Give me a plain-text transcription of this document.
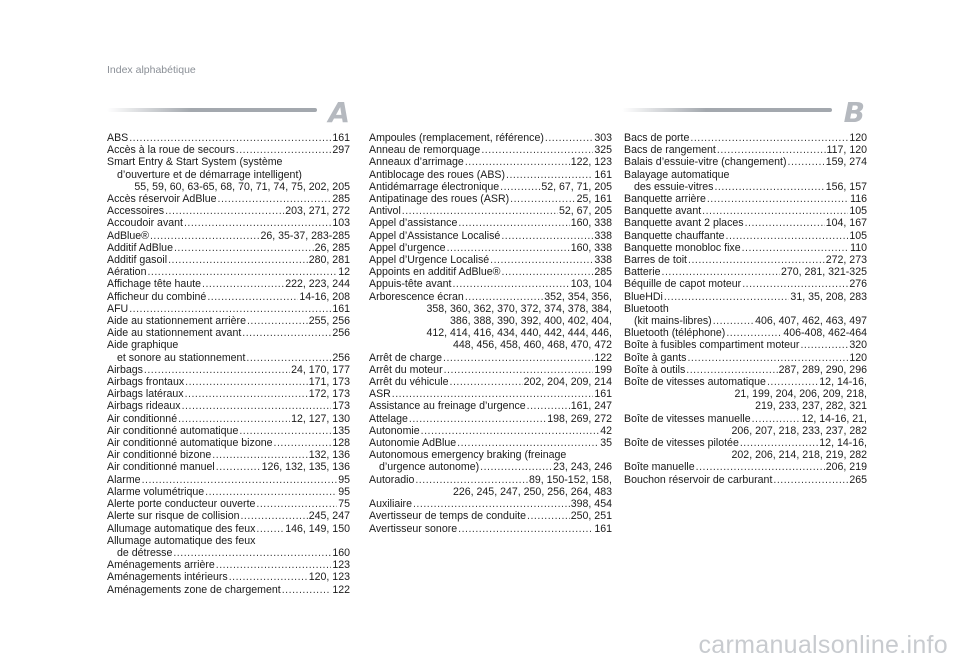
Index alphabétique
A	B
ABS .....	161
Accès à la roue de secours .....	297
Smart Entry & Start System (système
d’ouverture et de démarrage intelligent)
55, 59, 60, 63-65, 68, 70, 71, 74, 75, 202, 205
Accès réservoir AdBlue .....	285
Accessoires .....	203, 271, 272
Accoudoir avant .....	103
AdBlue® .....	26, 35-37, 283-285
Additif AdBlue .....	26, 285
Additif gasoil .....	280, 281
Aération .....	12
Affichage tête haute .....	222, 223, 244
Afficheur du combiné .....	14-16, 208
AFU .....	161
Aide au stationnement arrière .....	255, 256
Aide au stationnement avant .....	256
Aide graphique
et sonore au stationnement .....	256
Airbags .....	24, 170, 177
Airbags frontaux .....	171, 173
Airbags latéraux .....	172, 173
Airbags rideaux .....	173
Air conditionné .....	12, 127, 130
Air conditionné automatique .....	135
Air conditionné automatique bizone .....	128
Air conditionné bizone .....	132, 136
Air conditionné manuel .....	126, 132, 135, 136
Alarme .....	95
Alarme volumétrique .....	95
Alerte porte conducteur ouverte .....	75
Alerte sur risque de collision .....	245, 247
Allumage automatique des feux .....	146, 149, 150
Allumage automatique des feux
de détresse .....	160
Aménagements arrière .....	123
Aménagements intérieurs .....	120, 123
Aménagements zone de chargement .....	122
Ampoules (remplacement, référence) .....	303
Anneau de remorquage .....	325
Anneaux d’arrimage .....	122, 123
Antiblocage des roues (ABS) .....	161
Antidémarrage électronique .....	52, 67, 71, 205
Antipatinage des roues (ASR) .....	25, 161
Antivol .....	52, 67, 205
Appel d’assistance .....	160, 338
Appel d’Assistance Localisé .....	338
Appel d’urgence .....	160, 338
Appel d’Urgence Localisé .....	338
Appoints en additif AdBlue® .....	285
Appuis-tête avant .....	103, 104
Arborescence écran .....	352, 354, 356,
358, 360, 362, 370, 372, 374, 378, 384,
386, 388, 390, 392, 400, 402, 404,
412, 414, 416, 434, 440, 442, 444, 446,
448, 456, 458, 460, 468, 470, 472
Arrêt de charge .....	122
Arrêt du moteur .....	199
Arrêt du véhicule .....	202, 204, 209, 214
ASR .....	161
Assistance au freinage d’urgence .....	161, 247
Attelage .....	198, 269, 272
Autonomie .....	42
Autonomie AdBlue .....	35
Autonomous emergency braking (freinage
d’urgence autonome) .....	23, 243, 246
Autoradio .....	89, 150-152, 158,
226, 245, 247, 250, 256, 264, 483
Auxiliaire .....	398, 454
Avertisseur de temps de conduite .....	250, 251
Avertisseur sonore .....	161
Bacs de porte .....	120
Bacs de rangement .....	117, 120
Balais d’essuie-vitre (changement) .....	159, 274
Balayage automatique
des essuie-vitres .....	156, 157
Banquette arrière .....	116
Banquette avant .....	105
Banquette avant 2 places .....	104, 167
Banquette chauffante .....	105
Banquette monobloc fixe .....	110
Barres de toit .....	272, 273
Batterie .....	270, 281, 321-325
Béquille de capot moteur .....	276
BlueHDi .....	31, 35, 208, 283
Bluetooth
(kit mains-libres) .....	406, 407, 462, 463, 497
Bluetooth (téléphone) .....	406-408, 462-464
Boîte à fusibles compartiment moteur .....	320
Boîte à gants .....	120
Boîte à outils .....	287, 289, 290, 296
Boîte de vitesses automatique .....	12, 14-16,
21, 199, 204, 206, 209, 218,
219, 233, 237, 282, 321
Boîte de vitesses manuelle .....	12, 14-16, 21,
206, 207, 218, 233, 237, 282
Boîte de vitesses pilotée .....	12, 14-16,
202, 206, 214, 218, 219, 282
Boîte manuelle .....	206, 219
Bouchon réservoir de carburant .....	265
carmanualsonline.info
